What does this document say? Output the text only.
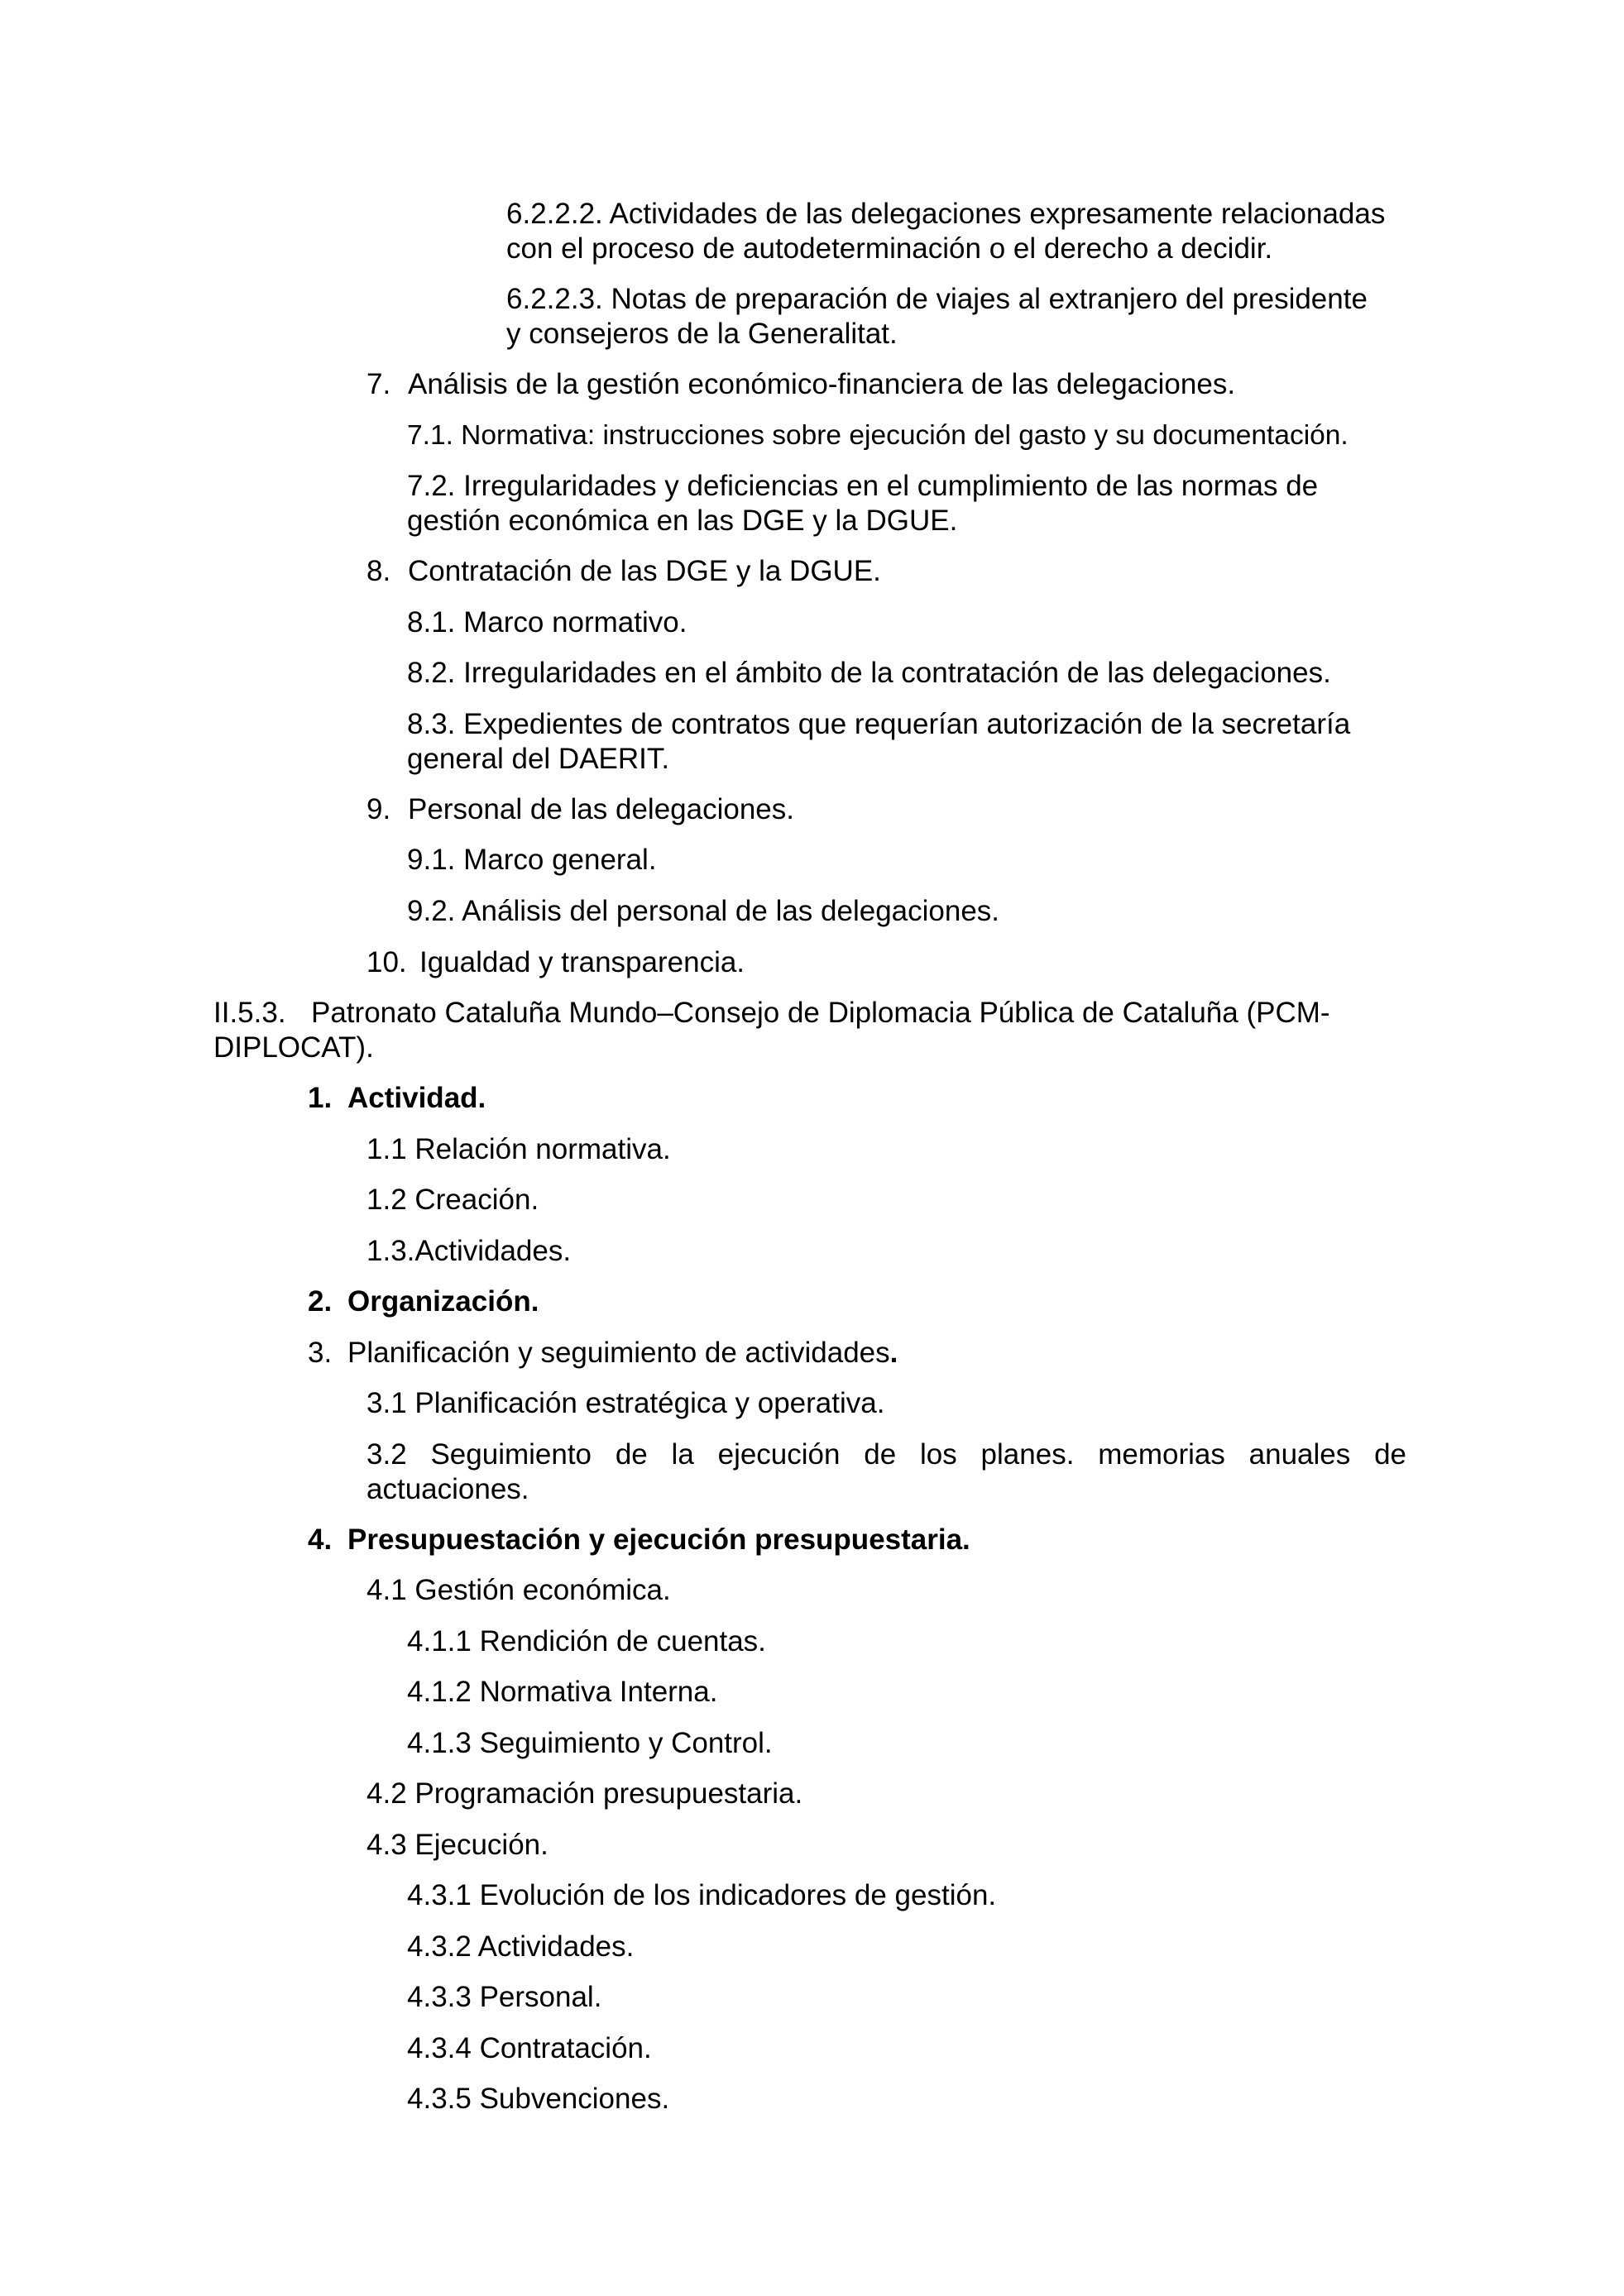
6.2.2.2. Actividades de las delegaciones expresamente relacionadas

con el proceso de autodeterminación o el derecho a decidir.

6.2.2.3. Notas de preparación de viajes al extranjero del presidente

y consejeros de la Generalitat.

7. Análisis de la gestión económico-financiera de las delegaciones.

7.1. Normativa: instrucciones sobre ejecución del gasto y su documentación.

7.2. Irregularidades y deficiencias en el cumplimiento de las normas de

gestión económica en las DGE y la DGUE.

8. Contratación de las DGE y la DGUE.

8.1. Marco normativo.

8.2. Irregularidades en el ámbito de la contratación de las delegaciones.

8.3. Expedientes de contratos que requerían autorización de la secretaría

general del DAERIT.

9. Personal de las delegaciones.

9.1. Marco general.

9.2. Análisis del personal de las delegaciones.

10. Igualdad y transparencia.

II.5.3. Patronato Cataluña Mundo–Consejo de Diplomacia Pública de Cataluña (PCM-

DIPLOCAT).

1. Actividad.

1.1 Relación normativa.

1.2 Creación.

1.3.Actividades.

2. Organización.

3. Planificación y seguimiento de actividades.

3.1 Planificación estratégica y operativa.

3.2 Seguimiento de la ejecución de los planes. memorias anuales de actuaciones.

4. Presupuestación y ejecución presupuestaria.

4.1 Gestión económica.

4.1.1 Rendición de cuentas.

4.1.2 Normativa Interna.

4.1.3 Seguimiento y Control.

4.2 Programación presupuestaria.

4.3 Ejecución.

4.3.1 Evolución de los indicadores de gestión.

4.3.2 Actividades.

4.3.3 Personal.

4.3.4 Contratación.

4.3.5 Subvenciones.
